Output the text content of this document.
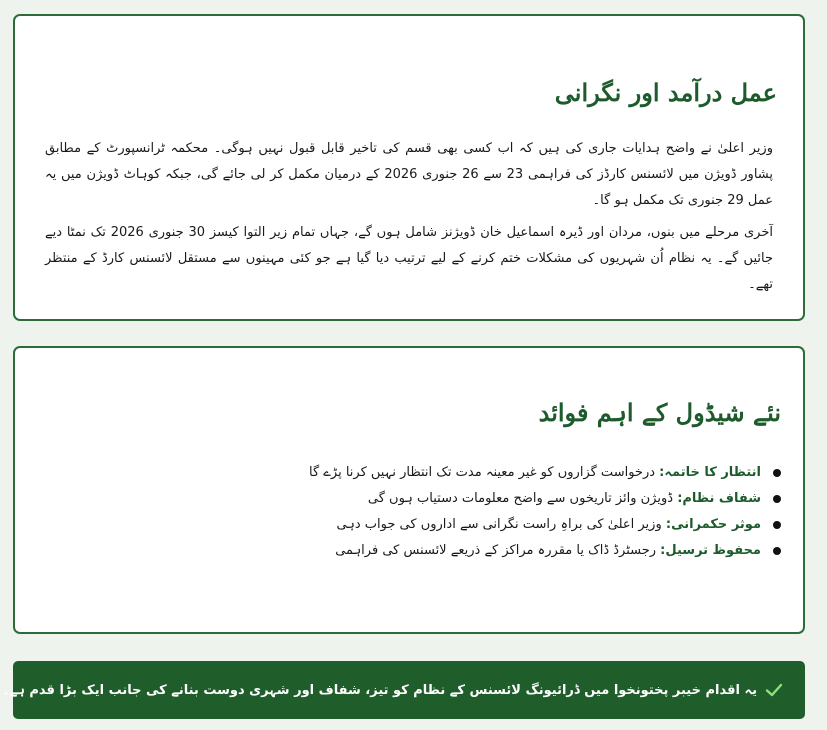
عمل درآمد اور نگرانی

وزیر اعلیٰ نے واضح ہدایات جاری کی ہیں کہ اب کسی بھی قسم کی تاخیر قابل قبول نہیں ہوگی۔ محکمہ ٹرانسپورٹ کے مطابق پشاور ڈویژن میں لائسنس کارڈز کی فراہمی 23 سے 26 جنوری 2026 کے درمیان مکمل کر لی جائے گی، جبکہ کوہاٹ ڈویژن میں یہ عمل 29 جنوری تک مکمل ہو گا۔

آخری مرحلے میں بنوں، مردان اور ڈیرہ اسماعیل خان ڈویژنز شامل ہوں گے، جہاں تمام زیر التوا کیسز 30 جنوری 2026 تک نمٹا دیے جائیں گے۔ یہ نظام اُن شہریوں کی مشکلات ختم کرنے کے لیے ترتیب دیا گیا ہے جو کئی مہینوں سے مستقل لائسنس کارڈ کے منتظر تھے۔

نئے شیڈول کے اہم فوائد
انتظار کا خاتمہ: درخواست گزاروں کو غیر معینہ مدت تک انتظار نہیں کرنا پڑے گا
شفاف نظام: ڈویژن وائز تاریخوں سے واضح معلومات دستیاب ہوں گی
موثر حکمرانی: وزیر اعلیٰ کی براہِ راست نگرانی سے اداروں کی جواب دہی
محفوظ ترسیل: رجسٹرڈ ڈاک یا مقررہ مراکز کے ذریعے لائسنس کی فراہمی
یہ اقدام خیبر پختونخوا میں ڈرائیونگ لائسنس کے نظام کو تیز، شفاف اور شہری دوست بنانے کی جانب ایک بڑا قدم ہے۔
